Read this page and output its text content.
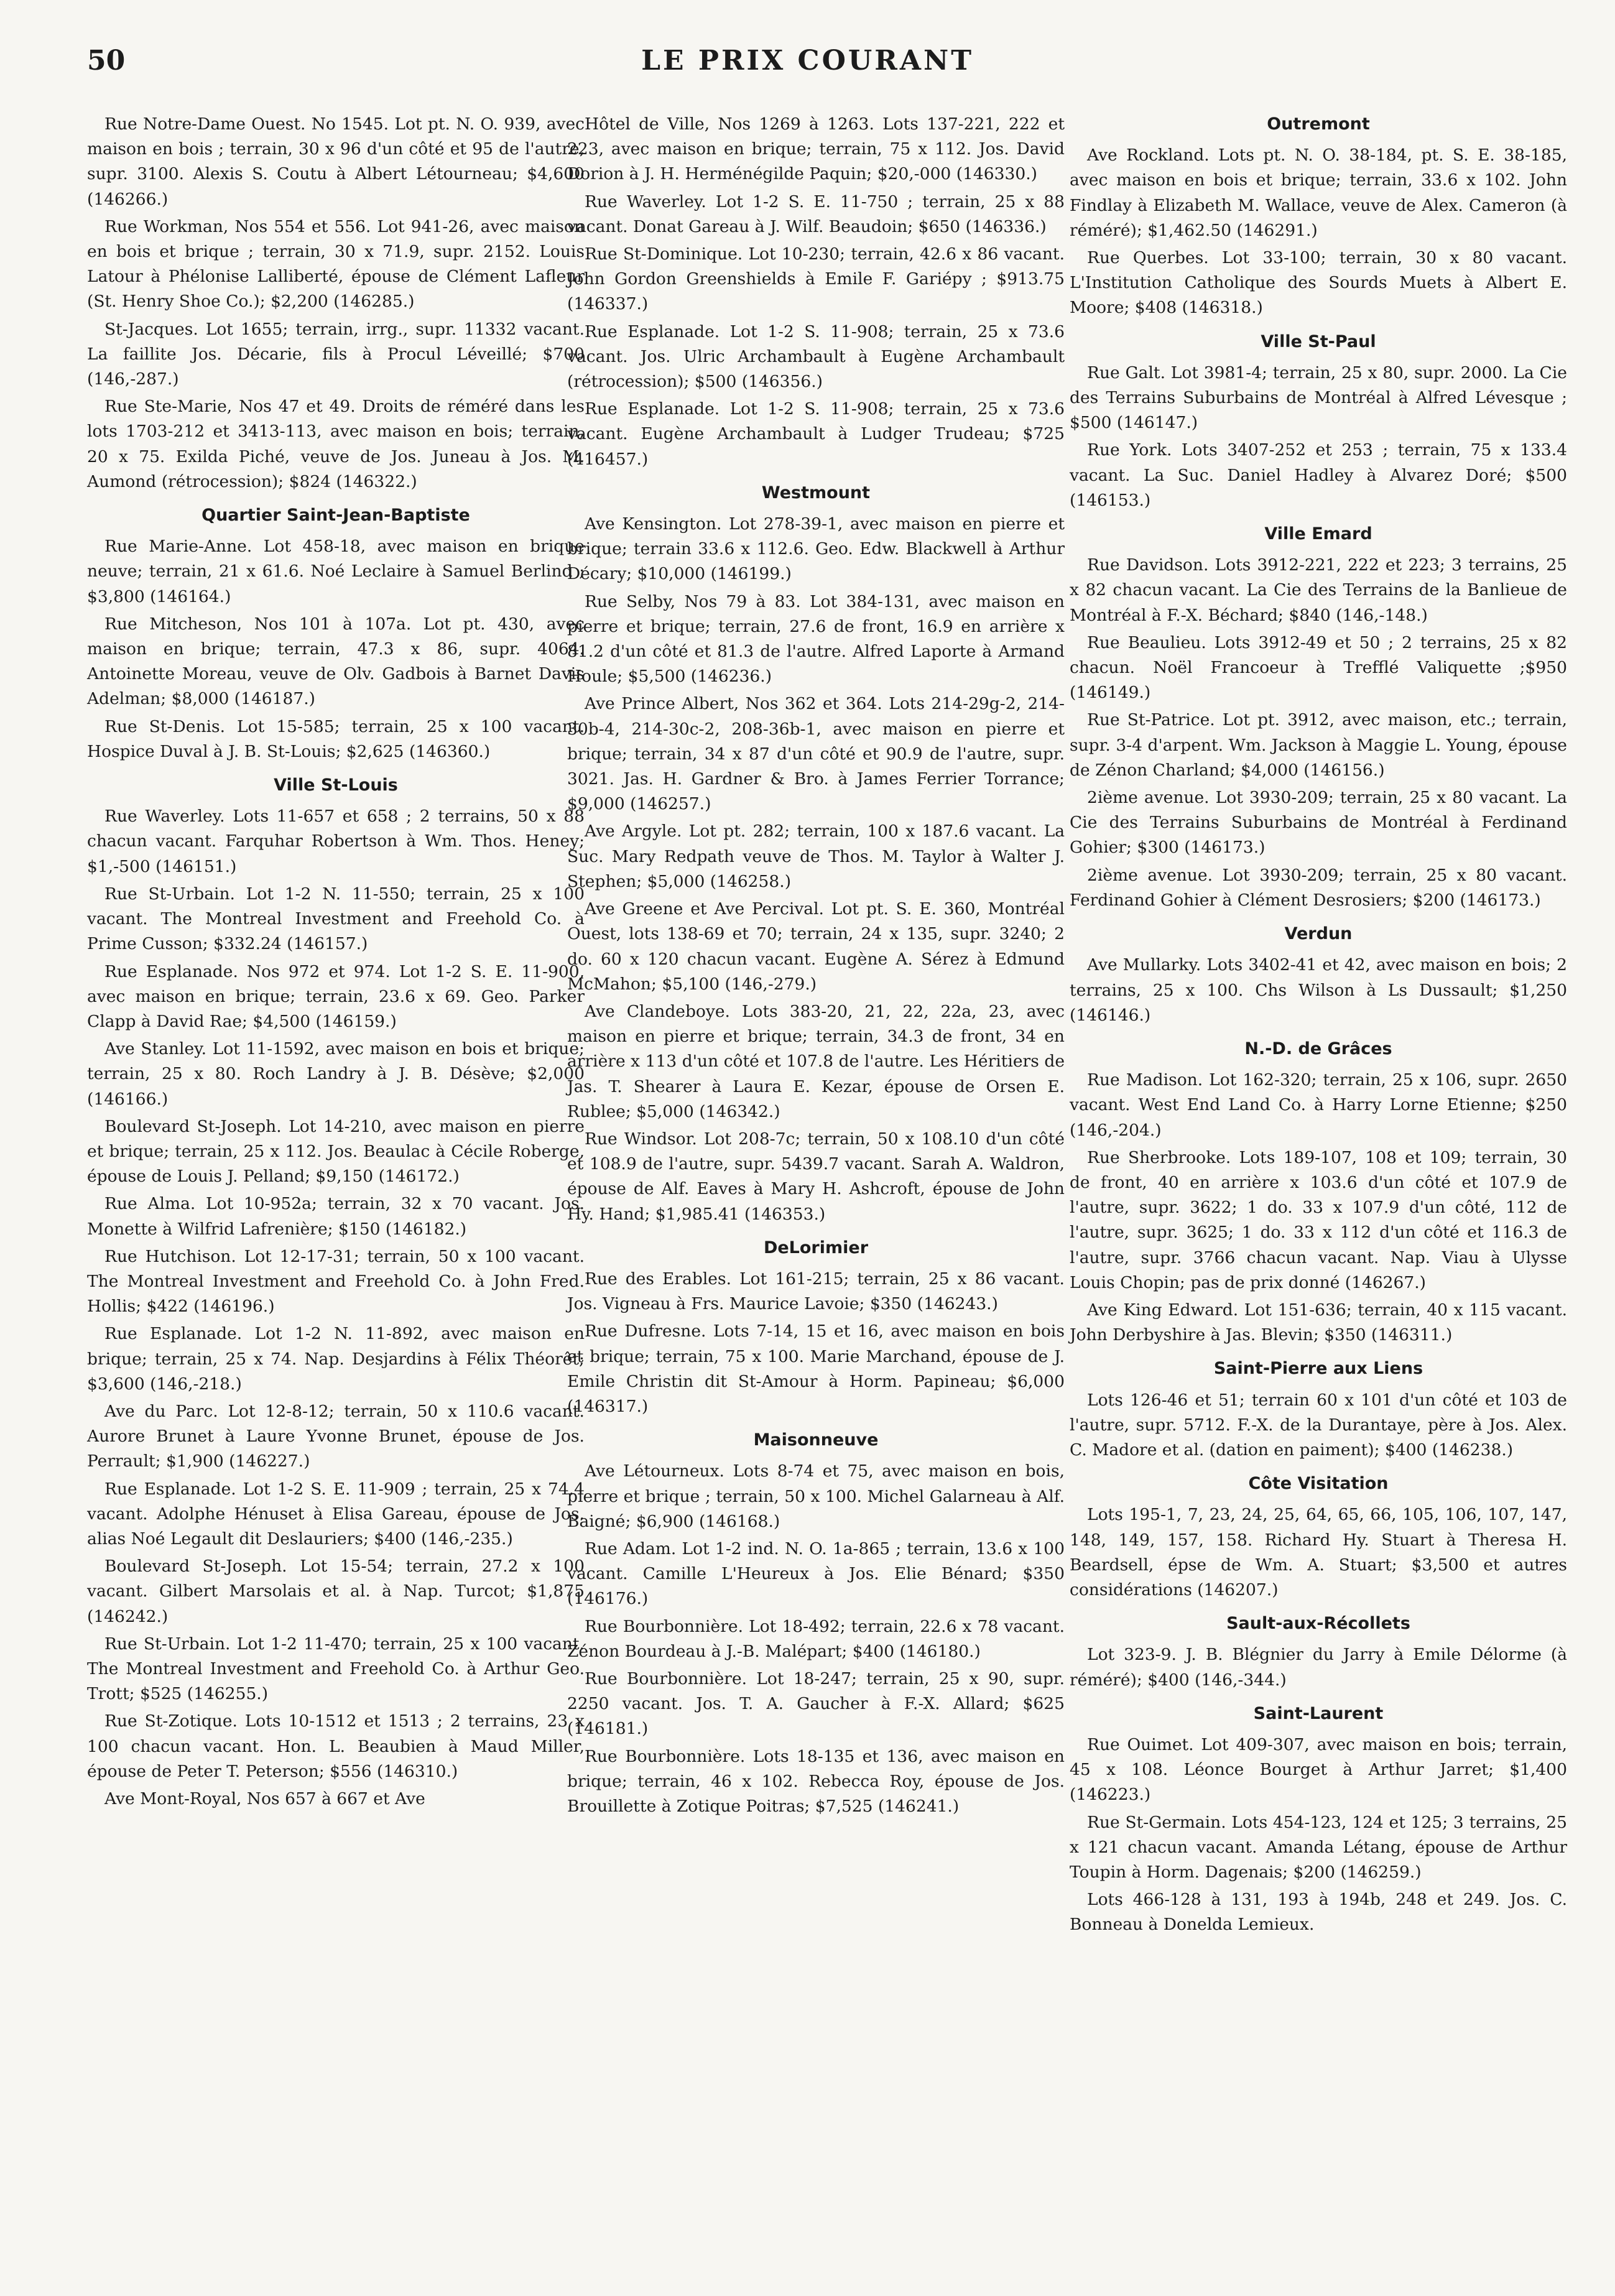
50	LE PRIX COURANT

Rue Notre-Dame Ouest. No 1545. Lot pt. N. O. 939, avec maison en bois ; terrain, 30 x 96 d'un côté et 95 de l'autre, supr. 3100. Alexis S. Coutu à Albert Létourneau; $4,600 (146266.)

Rue Workman, Nos 554 et 556. Lot 941-26, avec maison en bois et brique ; terrain, 30 x 71.9, supr. 2152. Louis Latour à Phélonise Lalliberté, épouse de Clément Lafleur (St. Henry Shoe Co.); $2,200 (146285.)

St-Jacques. Lot 1655; terrain, irrg., supr. 11332 vacant. La faillite Jos. Décarie, fils à Procul Léveillé; $700 (146,-287.)

Rue Ste-Marie, Nos 47 et 49. Droits de réméré dans les lots 1703-212 et 3413-113, avec maison en bois; terrain, 20 x 75. Exilda Piché, veuve de Jos. Juneau à Jos. M. Aumond (rétrocession); $824 (146322.)

Quartier Saint-Jean-Baptiste

Rue Marie-Anne. Lot 458-18, avec maison en brique neuve; terrain, 21 x 61.6. Noé Leclaire à Samuel Berlind ; $3,800 (146164.)

Rue Mitcheson, Nos 101 à 107a. Lot pt. 430, avec maison en brique; terrain, 47.3 x 86, supr. 4064. Antoinette Moreau, veuve de Olv. Gadbois à Barnet Davis Adelman; $8,000 (146187.)

Rue St-Denis. Lot 15-585; terrain, 25 x 100 vacant. Hospice Duval à J. B. St-Louis; $2,625 (146360.)

Ville St-Louis

Rue Waverley. Lots 11-657 et 658 ; 2 terrains, 50 x 88 chacun vacant. Farquhar Robertson à Wm. Thos. Heney; $1,-500 (146151.)

Rue St-Urbain. Lot 1-2 N. 11-550; terrain, 25 x 100 vacant. The Montreal Investment and Freehold Co. à Prime Cusson; $332.24 (146157.)

Rue Esplanade. Nos 972 et 974. Lot 1-2 S. E. 11-900, avec maison en brique; terrain, 23.6 x 69. Geo. Parker Clapp à David Rae; $4,500 (146159.)

Ave Stanley. Lot 11-1592, avec maison en bois et brique; terrain, 25 x 80. Roch Landry à J. B. Désève; $2,000 (146166.)

Boulevard St-Joseph. Lot 14-210, avec maison en pierre et brique; terrain, 25 x 112. Jos. Beaulac à Cécile Roberge, épouse de Louis J. Pelland; $9,150 (146172.)

Rue Alma. Lot 10-952a; terrain, 32 x 70 vacant. Jos. Monette à Wilfrid Lafrenière; $150 (146182.)

Rue Hutchison. Lot 12-17-31; terrain, 50 x 100 vacant. The Montreal Investment and Freehold Co. à John Fred. Hollis; $422 (146196.)

Rue Esplanade. Lot 1-2 N. 11-892, avec maison en brique; terrain, 25 x 74. Nap. Desjardins à Félix Théorêt; $3,600 (146,-218.)

Ave du Parc. Lot 12-8-12; terrain, 50 x 110.6 vacant. Aurore Brunet à Laure Yvonne Brunet, épouse de Jos. Perrault; $1,900 (146227.)

Rue Esplanade. Lot 1-2 S. E. 11-909 ; terrain, 25 x 74.4 vacant. Adolphe Hénuset à Elisa Gareau, épouse de Jos. alias Noé Legault dit Deslauriers; $400 (146,-235.)

Boulevard St-Joseph. Lot 15-54; terrain, 27.2 x 100 vacant. Gilbert Marsolais et al. à Nap. Turcot; $1,875 (146242.)

Rue St-Urbain. Lot 1-2 11-470; terrain, 25 x 100 vacant. The Montreal Investment and Freehold Co. à Arthur Geo. Trott; $525 (146255.)

Rue St-Zotique. Lots 10-1512 et 1513 ; 2 terrains, 23 x 100 chacun vacant. Hon. L. Beaubien à Maud Miller, épouse de Peter T. Peterson; $556 (146310.)

Ave Mont-Royal, Nos 657 à 667 et Ave

Hôtel de Ville, Nos 1269 à 1263. Lots 137-221, 222 et 223, avec maison en brique; terrain, 75 x 112. Jos. David Dorion à J. H. Herménégilde Paquin; $20,-000 (146330.)

Rue Waverley. Lot 1-2 S. E. 11-750 ; terrain, 25 x 88 vacant. Donat Gareau à J. Wilf. Beaudoin; $650 (146336.)

Rue St-Dominique. Lot 10-230; terrain, 42.6 x 86 vacant. John Gordon Greenshields à Emile F. Gariépy ; $913.75 (146337.)

Rue Esplanade. Lot 1-2 S. 11-908; terrain, 25 x 73.6 vacant. Jos. Ulric Archambault à Eugène Archambault (rétrocession); $500 (146356.)

Rue Esplanade. Lot 1-2 S. 11-908; terrain, 25 x 73.6 vacant. Eugène Archambault à Ludger Trudeau; $725 (416457.)

Westmount

Ave Kensington. Lot 278-39-1, avec maison en pierre et brique; terrain 33.6 x 112.6. Geo. Edw. Blackwell à Arthur Décary; $10,000 (146199.)

Rue Selby, Nos 79 à 83. Lot 384-131, avec maison en pierre et brique; terrain, 27.6 de front, 16.9 en arrière x 81.2 d'un côté et 81.3 de l'autre. Alfred Laporte à Armand Houle; $5,500 (146236.)

Ave Prince Albert, Nos 362 et 364. Lots 214-29g-2, 214-30b-4, 214-30c-2, 208-36b-1, avec maison en pierre et brique; terrain, 34 x 87 d'un côté et 90.9 de l'autre, supr. 3021. Jas. H. Gardner & Bro. à James Ferrier Torrance; $9,000 (146257.)

Ave Argyle. Lot pt. 282; terrain, 100 x 187.6 vacant. La Suc. Mary Redpath veuve de Thos. M. Taylor à Walter J. Stephen; $5,000 (146258.)

Ave Greene et Ave Percival. Lot pt. S. E. 360, Montréal Ouest, lots 138-69 et 70; terrain, 24 x 135, supr. 3240; 2 do. 60 x 120 chacun vacant. Eugène A. Sérez à Edmund McMahon; $5,100 (146,-279.)

Ave Clandeboye. Lots 383-20, 21, 22, 22a, 23, avec maison en pierre et brique; terrain, 34.3 de front, 34 en arrière x 113 d'un côté et 107.8 de l'autre. Les Héritiers de Jas. T. Shearer à Laura E. Kezar, épouse de Orsen E. Rublee; $5,000 (146342.)

Rue Windsor. Lot 208-7c; terrain, 50 x 108.10 d'un côté et 108.9 de l'autre, supr. 5439.7 vacant. Sarah A. Waldron, épouse de Alf. Eaves à Mary H. Ashcroft, épouse de John Hy. Hand; $1,985.41 (146353.)

DeLorimier

Rue des Erables. Lot 161-215; terrain, 25 x 86 vacant. Jos. Vigneau à Frs. Maurice Lavoie; $350 (146243.)

Rue Dufresne. Lots 7-14, 15 et 16, avec maison en bois et brique; terrain, 75 x 100. Marie Marchand, épouse de J. Emile Christin dit St-Amour à Horm. Papineau; $6,000 (146317.)

Maisonneuve

Ave Létourneux. Lots 8-74 et 75, avec maison en bois, pierre et brique ; terrain, 50 x 100. Michel Galarneau à Alf. Baigné; $6,900 (146168.)

Rue Adam. Lot 1-2 ind. N. O. 1a-865 ; terrain, 13.6 x 100 vacant. Camille L'Heureux à Jos. Elie Bénard; $350 (146176.)

Rue Bourbonnière. Lot 18-492; terrain, 22.6 x 78 vacant. Zénon Bourdeau à J.-B. Malépart; $400 (146180.)

Rue Bourbonnière. Lot 18-247; terrain, 25 x 90, supr. 2250 vacant. Jos. T. A. Gaucher à F.-X. Allard; $625 (146181.)

Rue Bourbonnière. Lots 18-135 et 136, avec maison en brique; terrain, 46 x 102. Rebecca Roy, épouse de Jos. Brouillette à Zotique Poitras; $7,525 (146241.)

Outremont

Ave Rockland. Lots pt. N. O. 38-184, pt. S. E. 38-185, avec maison en bois et brique; terrain, 33.6 x 102. John Findlay à Elizabeth M. Wallace, veuve de Alex. Cameron (à réméré); $1,462.50 (146291.)

Rue Querbes. Lot 33-100; terrain, 30 x 80 vacant. L'Institution Catholique des Sourds Muets à Albert E. Moore; $408 (146318.)

Ville St-Paul

Rue Galt. Lot 3981-4; terrain, 25 x 80, supr. 2000. La Cie des Terrains Suburbains de Montréal à Alfred Lévesque ; $500 (146147.)

Rue York. Lots 3407-252 et 253 ; terrain, 75 x 133.4 vacant. La Suc. Daniel Hadley à Alvarez Doré; $500 (146153.)

Ville Emard

Rue Davidson. Lots 3912-221, 222 et 223; 3 terrains, 25 x 82 chacun vacant. La Cie des Terrains de la Banlieue de Montréal à F.-X. Béchard; $840 (146,-148.)

Rue Beaulieu. Lots 3912-49 et 50 ; 2 terrains, 25 x 82 chacun. Noël Francoeur à Trefflé Valiquette ;$950 (146149.)

Rue St-Patrice. Lot pt. 3912, avec maison, etc.; terrain, supr. 3-4 d'arpent. Wm. Jackson à Maggie L. Young, épouse de Zénon Charland; $4,000 (146156.)

2ième avenue. Lot 3930-209; terrain, 25 x 80 vacant. La Cie des Terrains Suburbains de Montréal à Ferdinand Gohier; $300 (146173.)

2ième avenue. Lot 3930-209; terrain, 25 x 80 vacant. Ferdinand Gohier à Clément Desrosiers; $200 (146173.)

Verdun

Ave Mullarky. Lots 3402-41 et 42, avec maison en bois; 2 terrains, 25 x 100. Chs Wilson à Ls Dussault; $1,250 (146146.)

N.-D. de Grâces

Rue Madison. Lot 162-320; terrain, 25 x 106, supr. 2650 vacant. West End Land Co. à Harry Lorne Etienne; $250 (146,-204.)

Rue Sherbrooke. Lots 189-107, 108 et 109; terrain, 30 de front, 40 en arrière x 103.6 d'un côté et 107.9 de l'autre, supr. 3622; 1 do. 33 x 107.9 d'un côté, 112 de l'autre, supr. 3625; 1 do. 33 x 112 d'un côté et 116.3 de l'autre, supr. 3766 chacun vacant. Nap. Viau à Ulysse Louis Chopin; pas de prix donné (146267.)

Ave King Edward. Lot 151-636; terrain, 40 x 115 vacant. John Derbyshire à Jas. Blevin; $350 (146311.)

Saint-Pierre aux Liens

Lots 126-46 et 51; terrain 60 x 101 d'un côté et 103 de l'autre, supr. 5712. F.-X. de la Durantaye, père à Jos. Alex. C. Madore et al. (dation en paiment); $400 (146238.)

Côte Visitation

Lots 195-1, 7, 23, 24, 25, 64, 65, 66, 105, 106, 107, 147, 148, 149, 157, 158. Richard Hy. Stuart à Theresa H. Beardsell, épse de Wm. A. Stuart; $3,500 et autres considérations (146207.)

Sault-aux-Récollets

Lot 323-9. J. B. Blégnier du Jarry à Emile Délorme (à réméré); $400 (146,-344.)

Saint-Laurent

Rue Ouimet. Lot 409-307, avec maison en bois; terrain, 45 x 108. Léonce Bourget à Arthur Jarret; $1,400 (146223.)

Rue St-Germain. Lots 454-123, 124 et 125; 3 terrains, 25 x 121 chacun vacant. Amanda Létang, épouse de Arthur Toupin à Horm. Dagenais; $200 (146259.)

Lots 466-128 à 131, 193 à 194b, 248 et 249. Jos. C. Bonneau à Donelda Lemieux.
